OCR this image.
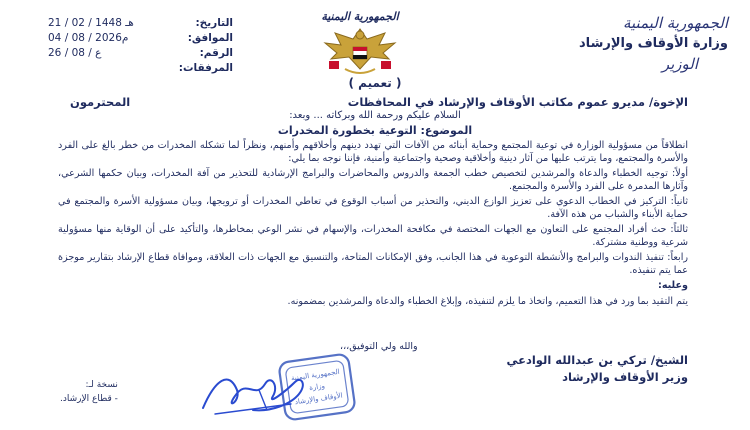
الجمهورية اليمنية
وزارة الأوقاف والإرشاد
الوزير
الجمهورية اليمنية
التاريخ:
21 / 02 / 1448 هـ
الموافق:
04 / 08 / 2026م
الرقم:
ع / 08 / 26
المرفقات:
( تعميم )
الإخوة/ مديرو عموم مكاتب الأوقاف والإرشاد في المحافظات
المحترمون
السلام عليكم ورحمة الله وبركاته ... وبعد:
الموضوع: التوعية بخطورة المخدرات

انطلاقاً من مسؤولية الوزارة في توعية المجتمع وحماية أبنائه من الآفات التي تهدد دينهم وأخلاقهم وأمنهم، ونظراً لما تشكله المخدرات من خطر بالغ على الفرد والأسرة والمجتمع، وما يترتب عليها من آثار دينية وأخلاقية وصحية واجتماعية وأمنية، فإننا نوجه بما يلي:

أولاً: توجيه الخطباء والدعاة والمرشدين لتخصيص خطب الجمعة والدروس والمحاضرات والبرامج الإرشادية للتحذير من آفة المخدرات، وبيان حكمها الشرعي، وآثارها المدمرة على الفرد والأسرة والمجتمع.

ثانياً: التركيز في الخطاب الدعوي على تعزيز الوازع الديني، والتحذير من أسباب الوقوع في تعاطي المخدرات أو ترويجها، وبيان مسؤولية الأسرة والمجتمع في حماية الأبناء والشباب من هذه الآفة.

ثالثاً: حث أفراد المجتمع على التعاون مع الجهات المختصة في مكافحة المخدرات، والإسهام في نشر الوعي بمخاطرها، والتأكيد على أن الوقاية منها مسؤولية شرعية ووطنية مشتركة.

رابعاً: تنفيذ الندوات والبرامج والأنشطة التوعوية في هذا الجانب، وفق الإمكانات المتاحة، والتنسيق مع الجهات ذات العلاقة، وموافاة قطاع الإرشاد بتقارير موجزة عما يتم تنفيذه.

وعليه:

يتم التقيد بما ورد في هذا التعميم، واتخاذ ما يلزم لتنفيذه، وإبلاغ الخطباء والدعاة والمرشدين بمضمونه.

والله ولي التوفيق،،،
الشيخ/ تركي بن عبدالله الوادعي
وزير الأوقاف والإرشاد
الجمهورية اليمنية
وزارة
الأوقاف والإرشاد
نسخة لـ:
- قطاع الإرشاد.
